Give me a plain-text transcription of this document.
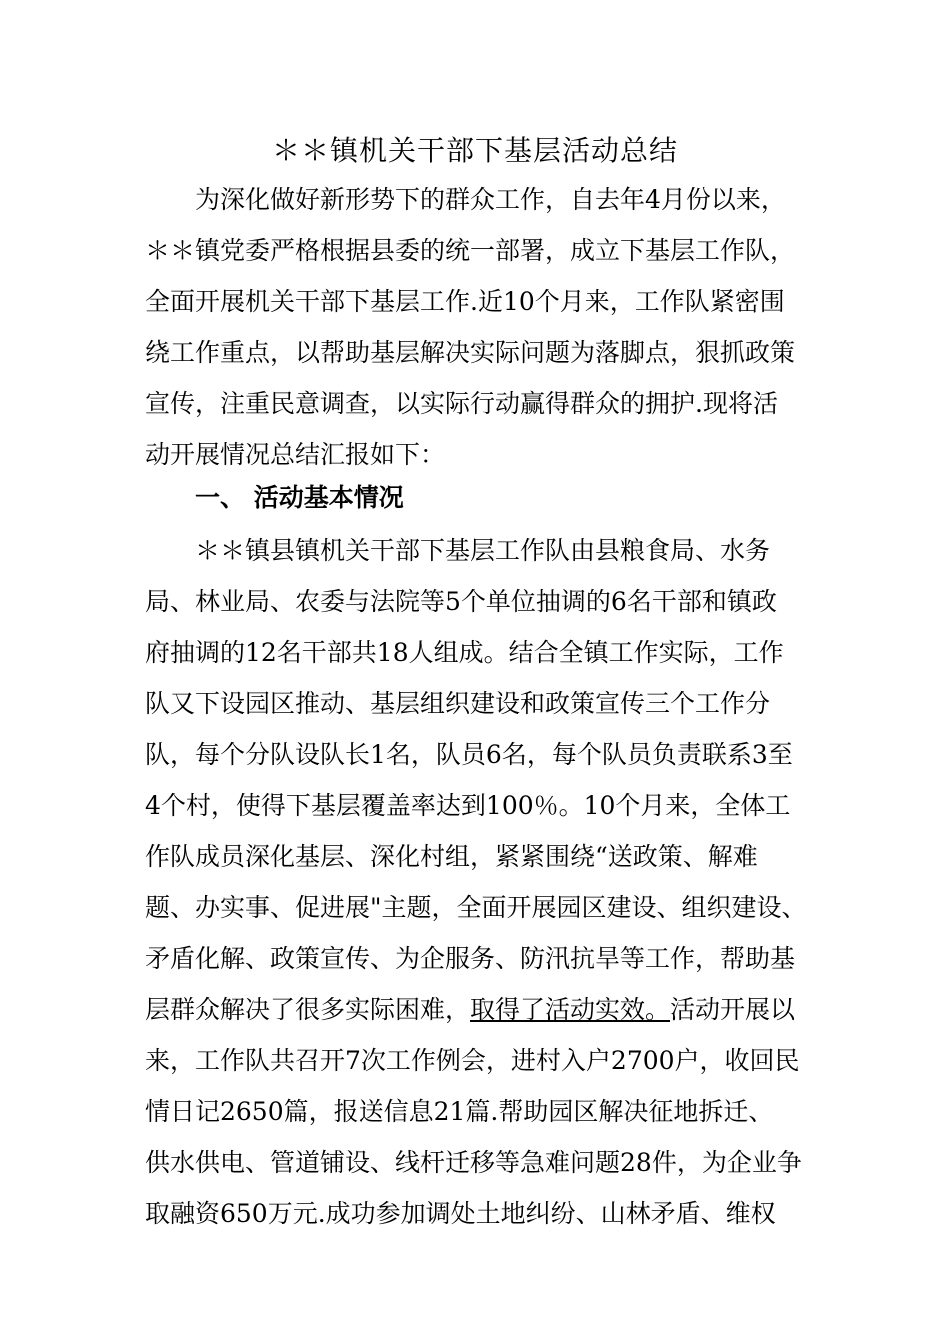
＊＊镇机关干部下基层活动总结
为深化做好新形势下的群众工作，自去年4月份以来，
＊＊镇党委严格根据县委的统一部署，成立下基层工作队，
全面开展机关干部下基层工作.近10个月来，工作队紧密围
绕工作重点，以帮助基层解决实际问题为落脚点，狠抓政策
宣传，注重民意调查，以实际行动赢得群众的拥护.现将活
动开展情况总结汇报如下：
一、 活动基本情况
＊＊镇县镇机关干部下基层工作队由县粮食局、水务
局、林业局、农委与法院等5个单位抽调的6名干部和镇政
府抽调的12名干部共18人组成。结合全镇工作实际，工作
队又下设园区推动、基层组织建设和政策宣传三个工作分
队，每个分队设队长1名，队员6名，每个队员负责联系3至
4个村，使得下基层覆盖率达到100％。10个月来，全体工
作队成员深化基层、深化村组，紧紧围绕“送政策、解难
题、办实事、促进展"主题，全面开展园区建设、组织建设、
矛盾化解、政策宣传、为企服务、防汛抗旱等工作，帮助基
层群众解决了很多实际困难，取得了活动实效。活动开展以
来，工作队共召开7次工作例会，进村入户2700户，收回民
情日记2650篇，报送信息21篇.帮助园区解决征地拆迁、
供水供电、管道铺设、线杆迁移等急难问题28件，为企业争
取融资650万元.成功参加调处土地纠纷、山林矛盾、维权
